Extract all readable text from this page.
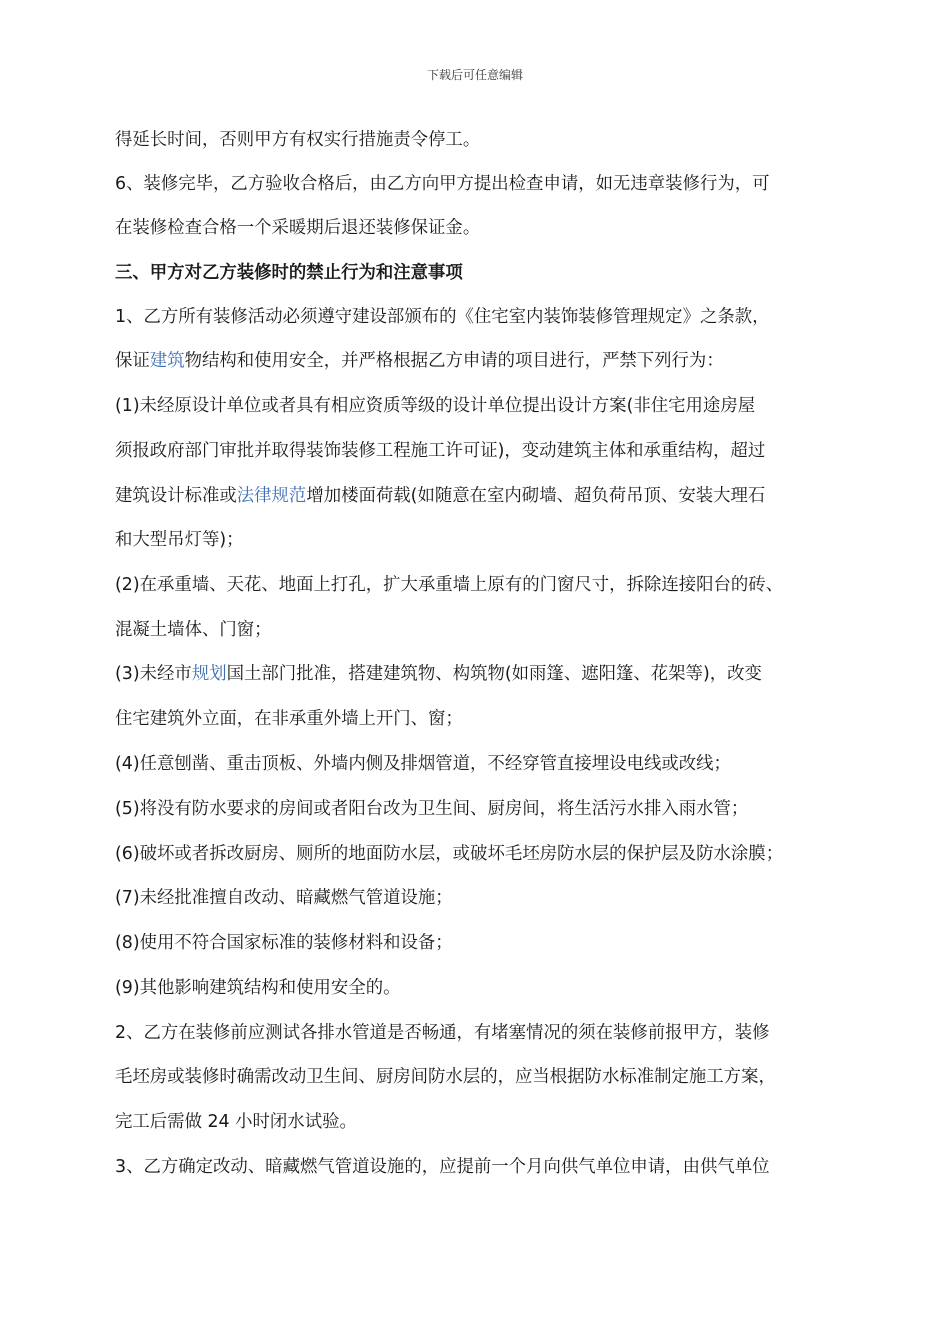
下载后可任意编辑
得延长时间，否则甲方有权实行措施责令停工。
6、装修完毕，乙方验收合格后，由乙方向甲方提出检查申请，如无违章装修行为，可
在装修检查合格一个采暖期后退还装修保证金。
三、甲方对乙方装修时的禁止行为和注意事项
1、乙方所有装修活动必须遵守建设部颁布的《住宅室内装饰装修管理规定》之条款，
保证建筑物结构和使用安全，并严格根据乙方申请的项目进行，严禁下列行为：
(1)未经原设计单位或者具有相应资质等级的设计单位提出设计方案(非住宅用途房屋
须报政府部门审批并取得装饰装修工程施工许可证)，变动建筑主体和承重结构，超过
建筑设计标准或法律规范增加楼面荷载(如随意在室内砌墙、超负荷吊顶、安装大理石
和大型吊灯等)；
(2)在承重墙、天花、地面上打孔，扩大承重墙上原有的门窗尺寸，拆除连接阳台的砖、
混凝土墙体、门窗；
(3)未经市规划国土部门批准，搭建建筑物、构筑物(如雨篷、遮阳篷、花架等)，改变
住宅建筑外立面，在非承重外墙上开门、窗；
(4)任意刨凿、重击顶板、外墙内侧及排烟管道，不经穿管直接埋设电线或改线；
(5)将没有防水要求的房间或者阳台改为卫生间、厨房间，将生活污水排入雨水管；
(6)破坏或者拆改厨房、厕所的地面防水层，或破坏毛坯房防水层的保护层及防水涂膜；
(7)未经批准擅自改动、暗藏燃气管道设施；
(8)使用不符合国家标准的装修材料和设备；
(9)其他影响建筑结构和使用安全的。
2、乙方在装修前应测试各排水管道是否畅通，有堵塞情况的须在装修前报甲方，装修
毛坯房或装修时确需改动卫生间、厨房间防水层的，应当根据防水标准制定施工方案，
完工后需做 24 小时闭水试验。
3、乙方确定改动、暗藏燃气管道设施的，应提前一个月向供气单位申请，由供气单位
